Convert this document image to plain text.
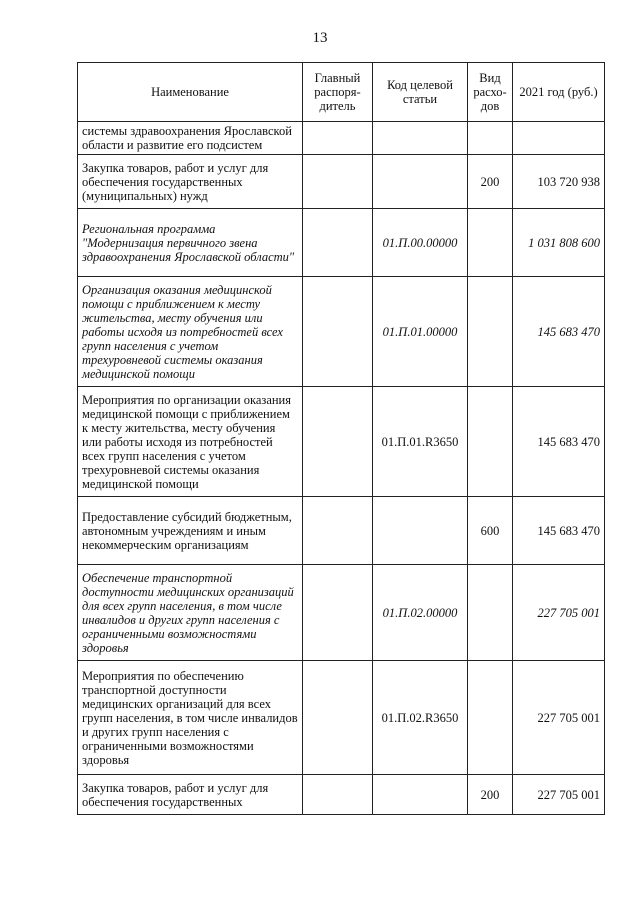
13
Наименование	Главный распоря-дитель	Код целевой статьи	Вид расхо-дов	2021 год (руб.)
системы здравоохранения Ярославской области и развитие его подсистем				
Закупка товаров, работ и услуг для обеспечения государственных (муниципальных) нужд			200	103 720 938
Региональная программа "Модернизация первичного звена здравоохранения Ярославской области"		01.П.00.00000		1 031 808 600
Организация оказания медицинской помощи с приближением к месту жительства, месту обучения или работы исходя из потребностей всех групп населения с учетом трехуровневой системы оказания медицинской помощи		01.П.01.00000		145 683 470
Мероприятия по организации оказания медицинской помощи с приближением к месту жительства, месту обучения или работы исходя из потребностей всех групп населения с учетом трехуровневой системы оказания медицинской помощи		01.П.01.R3650		145 683 470
Предоставление субсидий бюджетным, автономным учреждениям и иным некоммерческим организациям			600	145 683 470
Обеспечение транспортной доступности медицинских организаций для всех групп населения, в том числе инвалидов и других групп населения с ограниченными возможностями здоровья		01.П.02.00000		227 705 001
Мероприятия по обеспечению транспортной доступности медицинских организаций для всех групп населения, в том числе инвалидов и других групп населения с ограниченными возможностями здоровья		01.П.02.R3650		227 705 001
Закупка товаров, работ и услуг для обеспечения государственных			200	227 705 001
